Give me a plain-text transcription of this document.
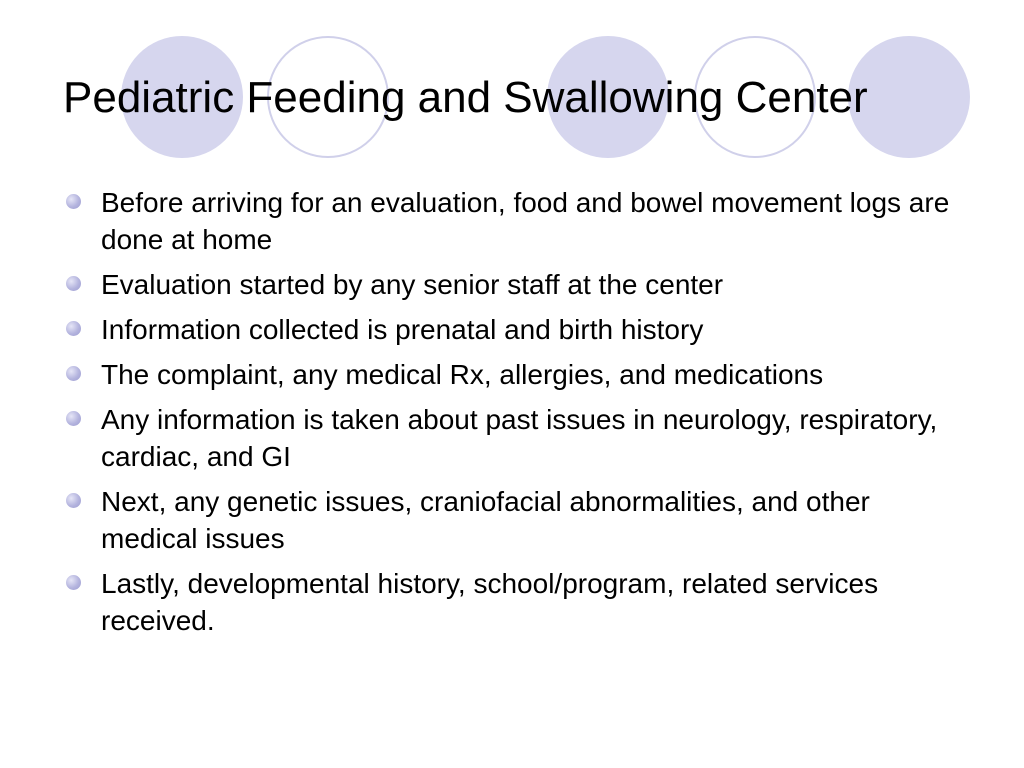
Pediatric Feeding and Swallowing Center
Before arriving for an evaluation, food and bowel movement logs are done at home
Evaluation started by any senior staff at the center
Information collected is prenatal and birth history
The complaint, any medical Rx, allergies, and medications
Any information is taken about past issues in neurology, respiratory, cardiac, and GI
Next, any genetic issues, craniofacial abnormalities, and other medical issues
Lastly, developmental history, school/program, related services received.
